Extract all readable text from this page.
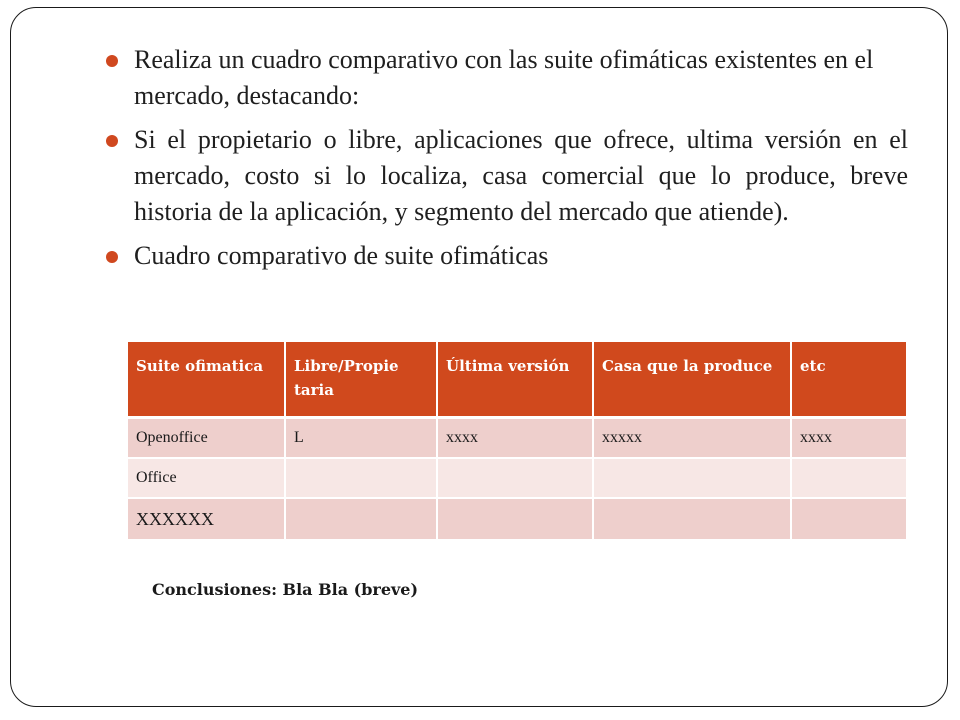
Realiza un cuadro comparativo con las suite ofimáticas existentes en el mercado, destacando:
Si el propietario o libre, aplicaciones que ofrece, ultima versión en el mercado, costo si lo localiza, casa comercial que lo produce, breve historia de la aplicación, y segmento del mercado que atiende).
Cuadro comparativo de suite ofimáticas
Suite ofimatica	Libre/Propie taria	Última versión	Casa que la produce	etc
Openoffice	L	xxxx	xxxxx	xxxx
Office				
XXXXXX				
Conclusiones: Bla Bla (breve)
